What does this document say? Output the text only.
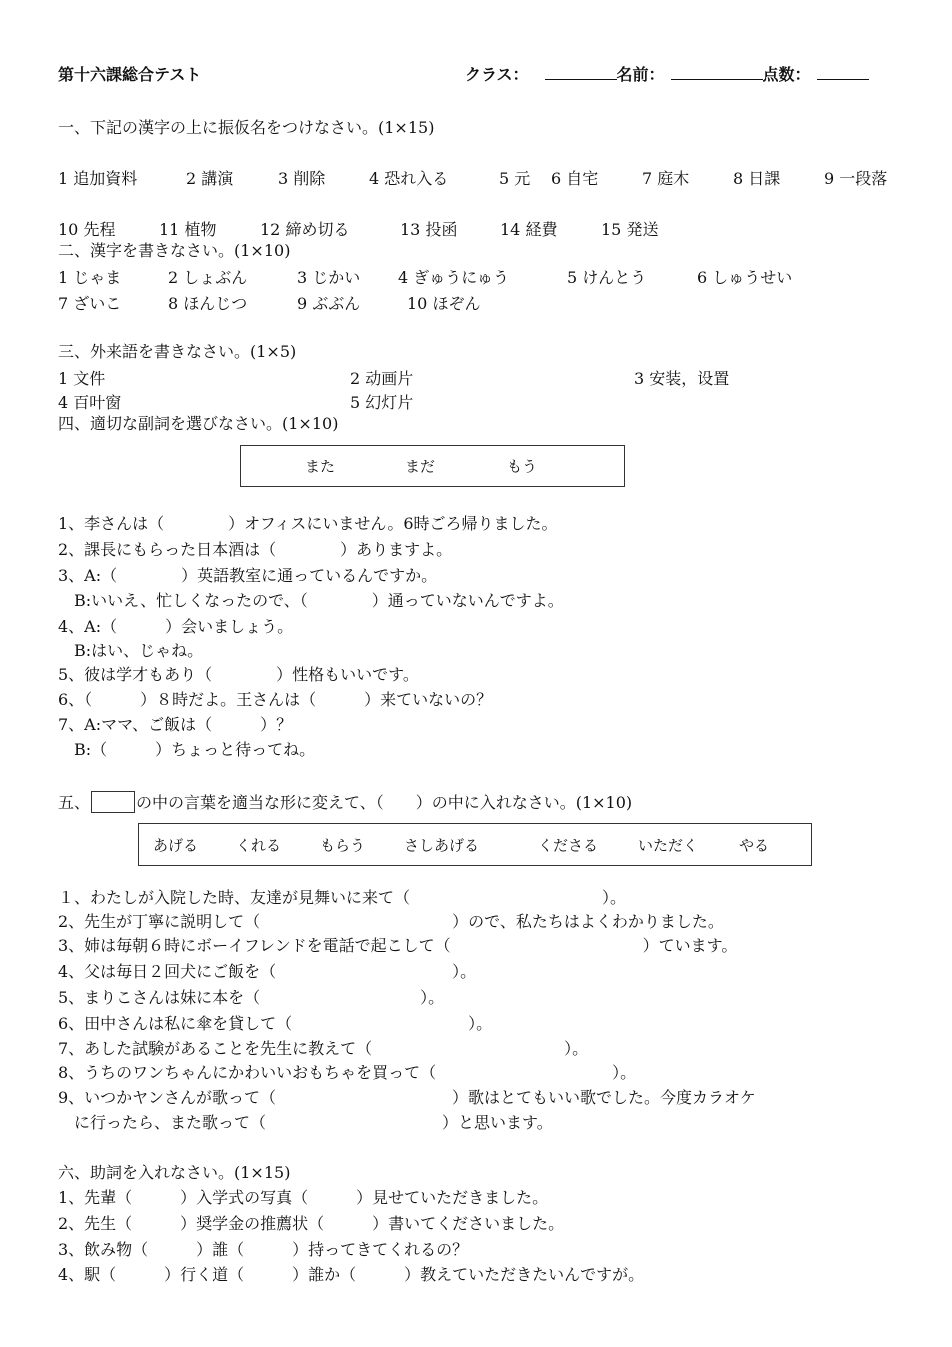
第十六課総合テスト	クラス：	名前：	点数：
一、下記の漢字の上に振仮名をつけなさい。(1×15)
1 追加資料	2 講演	3 削除	4 恐れ入る	5 元 6 自宅	7 庭木	8 日課	9 一段落
10 先程	11 植物	12 締め切る	13 投函	14 経費	15 発送
二、漢字を書きなさい。(1×10)
1 じゃま	2 しょぶん	3 じかい 4 ぎゅうにゅう	5 けんとう	6 しゅうせい
7 ざいこ	8 ほんじつ	9 ぶぶん	10 ほぞん
三、外来語を書きなさい。(1×5)
1 文件	2 动画片	3 安装，设置
4 百叶窗	5 幻灯片
四、適切な副詞を選びなさい。(1×10)
また	まだ	もう
1、李さんは（　　　　）オフィスにいません。6時ごろ帰りました。
2、課長にもらった日本酒は（　　　　）ありますよ。
3、A:（　　　　）英語教室に通っているんですか。
　B:いいえ、忙しくなったので、（　　　　）通っていないんですよ。
4、A:（　　　）会いましょう。
　B:はい、じゃね。
5、彼は学才もあり（　　　　）性格もいいです。
6、（　　　）８時だよ。王さんは（　　　）来ていないの？
7、A:ママ、ご飯は（　　　）？
　B:（　　　）ちょっと待ってね。
五、	の中の言葉を適当な形に変えて、（　　）の中に入れなさい。(1×10)
あげる	くれる	もらう	さしあげる	くださる	いただく	やる
１、わたしが入院した時、友達が見舞いに来て（　　　　　　　　　　　　）。
2、先生が丁寧に説明して（　　　　　　　　　　　　）ので、私たちはよくわかりました。
3、姉は毎朝６時にボーイフレンドを電話で起こして（　　　　　　　　　　　　）ています。
4、父は毎日２回犬にご飯を（　　　　　　　　　　　）。
5、まりこさんは妹に本を（　　　　　　　　　　）。
6、田中さんは私に傘を貸して（　　　　　　　　　　　）。
7、あした試験があることを先生に教えて（　　　　　　　　　　　　）。
8、うちのワンちゃんにかわいいおもちゃを買って（　　　　　　　　　　　）。
9、いつかヤンさんが歌って（　　　　　　　　　　　）歌はとてもいい歌でした。今度カラオケ
　に行ったら、また歌って（　　　　　　　　　　　）と思います。
六、助詞を入れなさい。(1×15)
1、先輩（　　　）入学式の写真（　　　）見せていただきました。
2、先生（　　　）奨学金の推薦状（　　　）書いてくださいました。
3、飲み物（　　　）誰（　　　）持ってきてくれるの？
4、駅（　　　）行く道（　　　）誰か（　　　）教えていただきたいんですが。
